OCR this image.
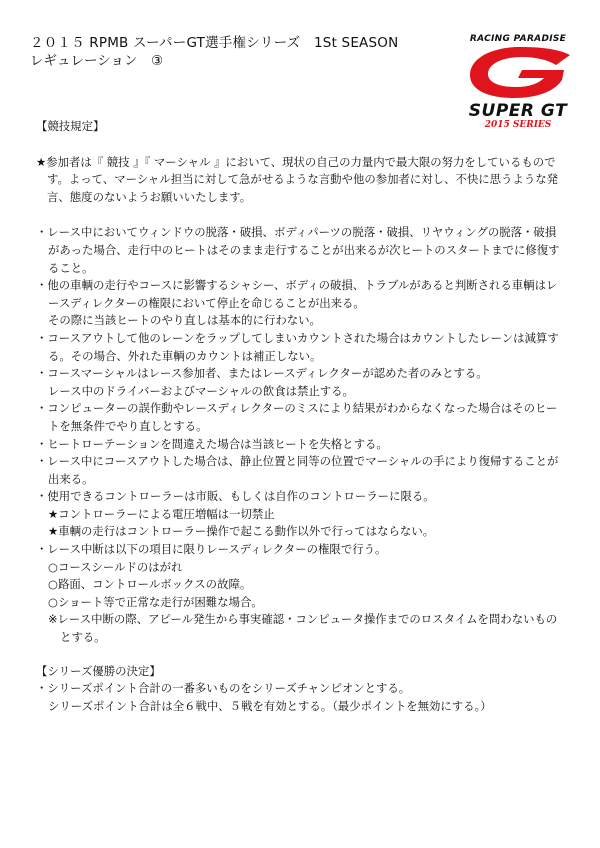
２０１５ RPMB スーパーGT選手権シリーズ　1St SEASON
レギュレーション　③
RACING PARADISE
SUPER GT
2015 SERIES
【競技規定】
★参加者は『 競技 』『 マーシャル 』において、現状の自己の力量内で最大限の努力をしているものです。よって、マーシャル担当に対して急がせるような言動や他の参加者に対し、不快に思うような発言、態度のないようお願いいたします。
・レース中においてウィンドウの脱落・破損、ボディパーツの脱落・破損、リヤウィングの脱落・破損があった場合、走行中のヒートはそのまま走行することが出来るが次ヒートのスタートまでに修復すること。
・他の車輌の走行やコースに影響するシャシー、ボディの破損、トラブルがあると判断される車輌はレースディレクターの権限において停止を命じることが出来る。
その際に当該ヒートのやり直しは基本的に行わない。
・コースアウトして他のレーンをラップしてしまいカウントされた場合はカウントしたレーンは減算する。その場合、外れた車輌のカウントは補正しない。
・コースマーシャルはレース参加者、またはレースディレクターが認めた者のみとする。
レース中のドライバーおよびマーシャルの飲食は禁止する。
・コンピューターの誤作動やレースディレクターのミスにより結果がわからなくなった場合はそのヒートを無条件でやり直しとする。
・ヒートローテーションを間違えた場合は当該ヒートを失格とする。
・レース中にコースアウトした場合は、静止位置と同等の位置でマーシャルの手により復帰することが出来る。
・使用できるコントローラーは市販、もしくは自作のコントローラーに限る。
★コントローラーによる電圧増幅は一切禁止
★車輌の走行はコントローラー操作で起こる動作以外で行ってはならない。
・レース中断は以下の項目に限りレースディレクターの権限で行う。
○コースシールドのはがれ
○路面、コントロールボックスの故障。
○ショート等で正常な走行が困難な場合。
※レース中断の際、アピール発生から事実確認・コンピュータ操作までのロスタイムを問わないものとする。
【シリーズ優勝の決定】
・シリーズポイント合計の一番多いものをシリーズチャンピオンとする。
シリーズポイント合計は全６戦中、５戦を有効とする。（最少ポイントを無効にする。）
